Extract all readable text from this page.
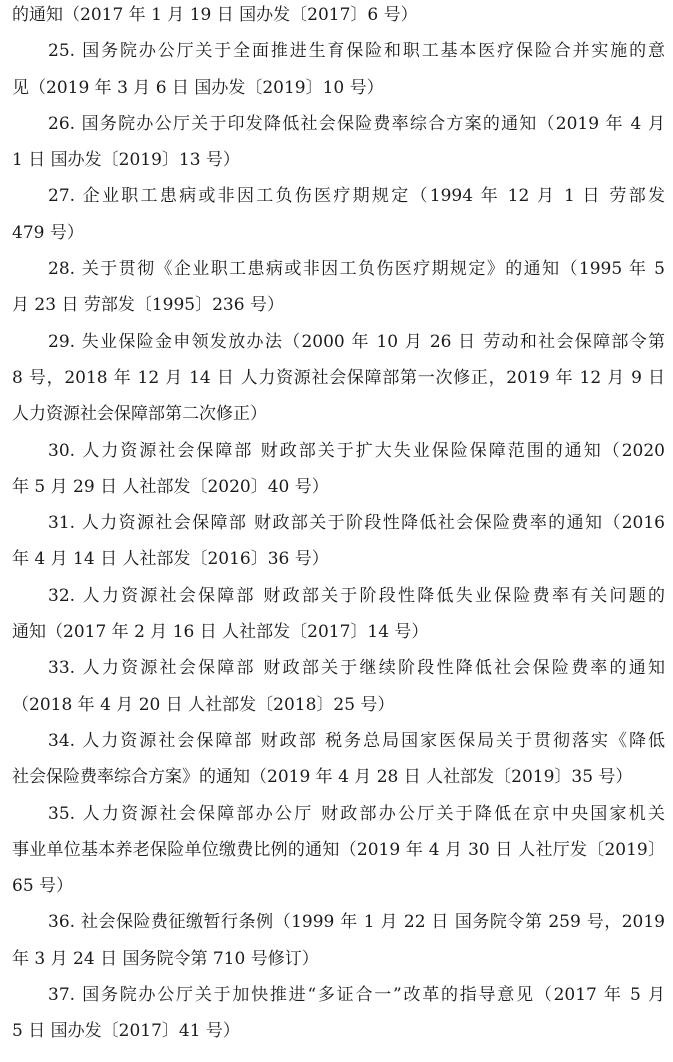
的通知（2017 年 1 月 19 日 国办发〔2017〕6 号）
25. 国务院办公厅关于全面推进生育保险和职工基本医疗保险合并实施的意
见（2019 年 3 月 6 日 国办发〔2019〕10 号）
26. 国务院办公厅关于印发降低社会保险费率综合方案的通知（2019 年 4 月
1 日 国办发〔2019〕13 号）
27. 企业职工患病或非因工负伤医疗期规定（1994 年 12 月 1 日 劳部发
479 号）
28. 关于贯彻《企业职工患病或非因工负伤医疗期规定》的通知（1995 年 5
月 23 日 劳部发〔1995〕236 号）
29. 失业保险金申领发放办法（2000 年 10 月 26 日 劳动和社会保障部令第
8 号，2018 年 12 月 14 日 人力资源社会保障部第一次修正，2019 年 12 月 9 日
人力资源社会保障部第二次修正）
30. 人力资源社会保障部 财政部关于扩大失业保险保障范围的通知（2020
年 5 月 29 日 人社部发〔2020〕40 号）
31. 人力资源社会保障部 财政部关于阶段性降低社会保险费率的通知（2016
年 4 月 14 日 人社部发〔2016〕36 号）
32. 人力资源社会保障部 财政部关于阶段性降低失业保险费率有关问题的
通知（2017 年 2 月 16 日 人社部发〔2017〕14 号）
33. 人力资源社会保障部 财政部关于继续阶段性降低社会保险费率的通知
（2018 年 4 月 20 日 人社部发〔2018〕25 号）
34. 人力资源社会保障部 财政部 税务总局国家医保局关于贯彻落实《降低
社会保险费率综合方案》的通知（2019 年 4 月 28 日 人社部发〔2019〕35 号）
35. 人力资源社会保障部办公厅 财政部办公厅关于降低在京中央国家机关
事业单位基本养老保险单位缴费比例的通知（2019 年 4 月 30 日 人社厅发〔2019〕
65 号）
36. 社会保险费征缴暂行条例（1999 年 1 月 22 日 国务院令第 259 号，2019
年 3 月 24 日 国务院令第 710 号修订）
37. 国务院办公厅关于加快推进“多证合一”改革的指导意见（2017 年 5 月
5 日 国办发〔2017〕41 号）
